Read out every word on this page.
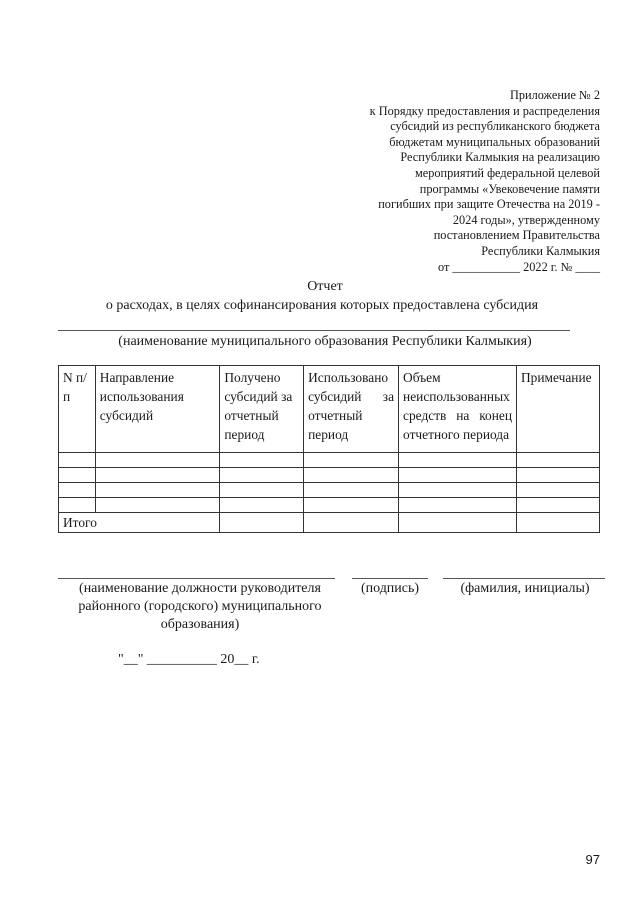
Приложение № 2
к Порядку предоставления и распределения
субсидий из республиканского бюджета
бюджетам муниципальных образований
Республики Калмыкия на реализацию
мероприятий федеральной целевой
программы «Увековечение памяти
погибших при защите Отечества на 2019 -
2024 годы», утвержденному
постановлением Правительства
Республики Калмыкия
от ___________ 2022 г. № ____
Отчет
о расходах, в целях софинансирования которых предоставлена субсидия
(наименование муниципального образования Республики Калмыкия)
N п/п	Направление использования субсидий	Получено субсидий за отчетный период	Использовано субсидий за отчетный период	Объем неиспользованных средств на конец отчетного периода	Примечание

Итого					
(наименование должности руководителя районного (городского) муниципального образования)
(подпись)	(фамилия, инициалы)
"__" __________ 20__ г.
97
